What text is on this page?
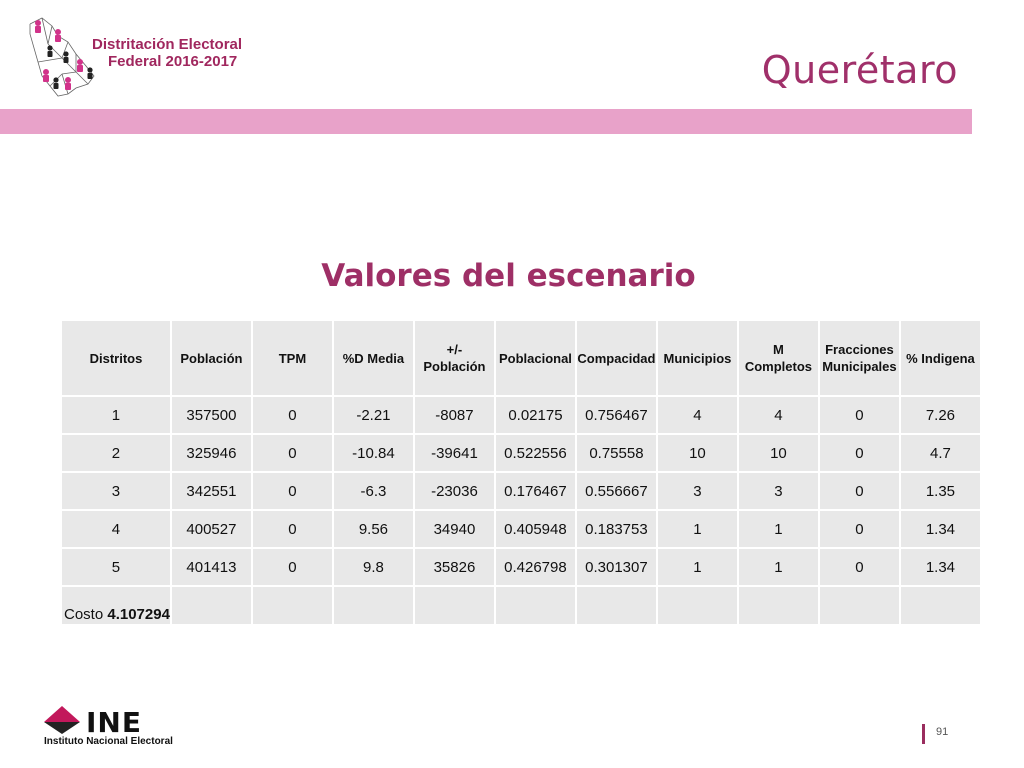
Distritación Electoral
Federal 2016-2017	Querétaro
Valores del escenario
Distritos	Población	TPM	%D Media	+/- Población	Poblacional	Compacidad	Municipios	M Completos	Fracciones Municipales	% Indigena
1	357500	0	-2.21	-8087	0.02175	0.756467	4	4	0	7.26
2	325946	0	-10.84	-39641	0.522556	0.75558	10	10	0	4.7
3	342551	0	-6.3	-23036	0.176467	0.556667	3	3	0	1.35
4	400527	0	9.56	34940	0.405948	0.183753	1	1	0	1.34
5	401413	0	9.8	35826	0.426798	0.301307	1	1	0	1.34
Costo 4.107294										
INE
Instituto Nacional Electoral
91
